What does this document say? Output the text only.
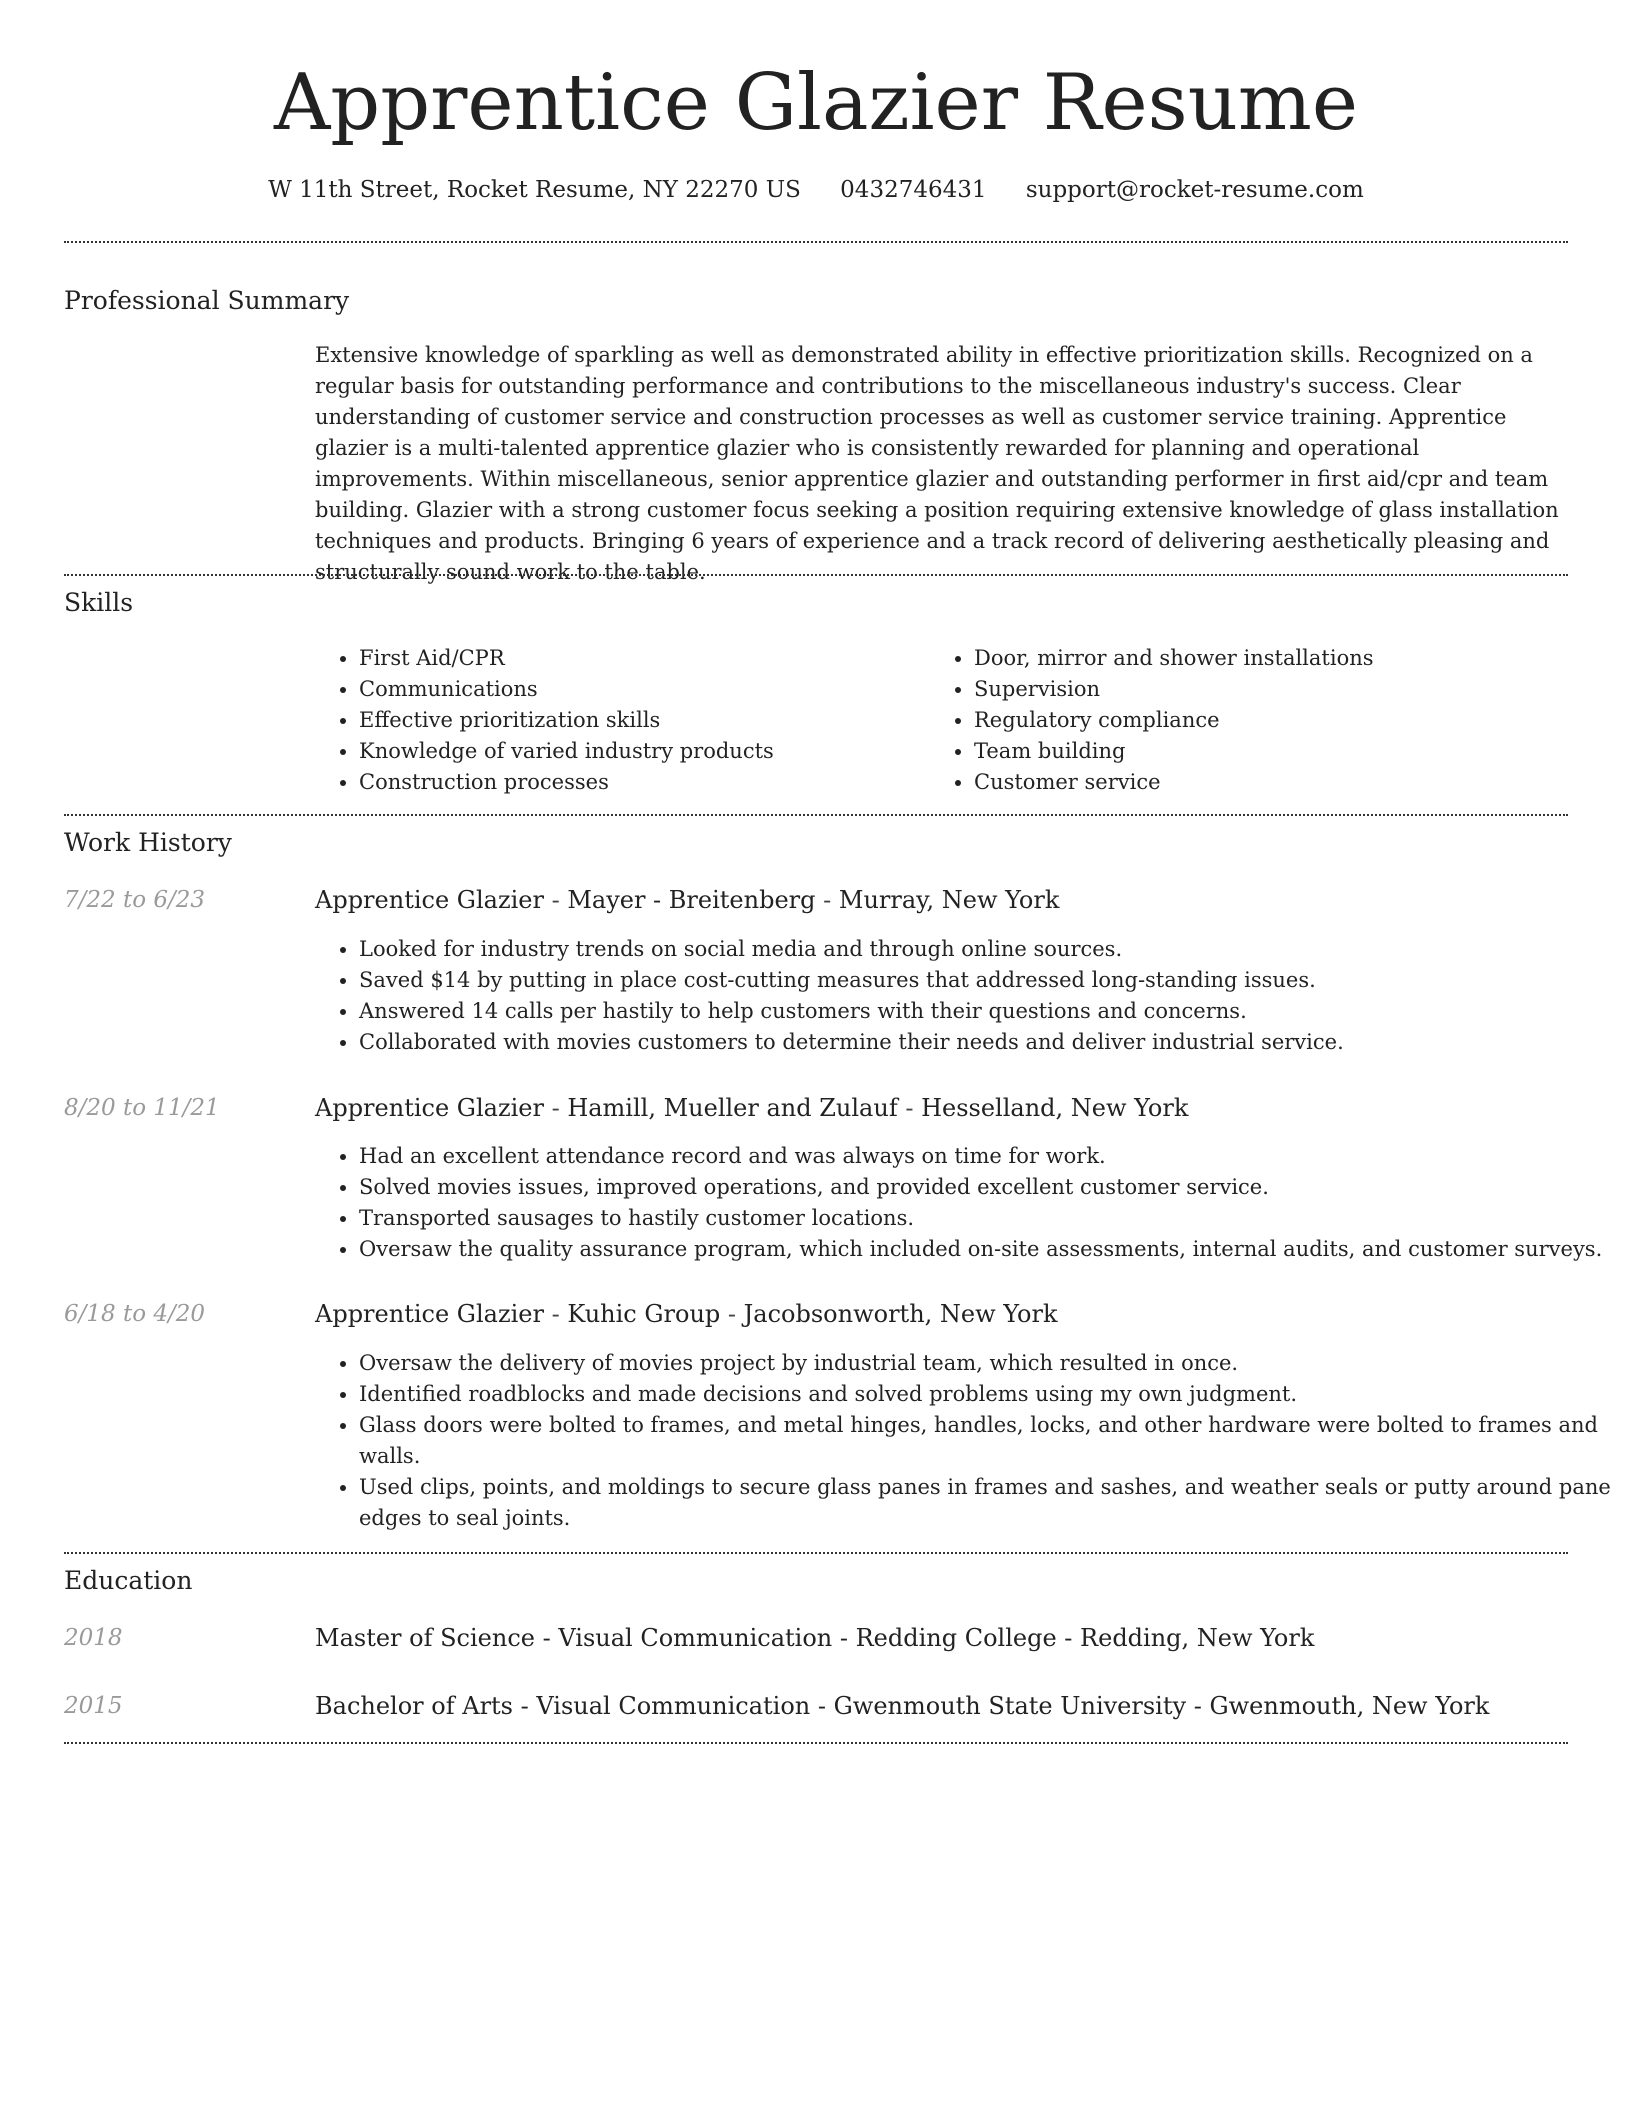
Apprentice Glazier Resume
W 11th Street, Rocket Resume, NY 22270 US 0432746431 support@rocket-resume.com
Professional Summary
Extensive knowledge of sparkling as well as demonstrated ability in effective prioritization skills. Recognized on a regular basis for outstanding performance and contributions to the miscellaneous industry's success. Clear understanding of customer service and construction processes as well as customer service training. Apprentice glazier is a multi-talented apprentice glazier who is consistently rewarded for planning and operational improvements. Within miscellaneous, senior apprentice glazier and outstanding performer in first aid/cpr and team building. Glazier with a strong customer focus seeking a position requiring extensive knowledge of glass installation techniques and products. Bringing 6 years of experience and a track record of delivering aesthetically pleasing and structurally sound work to the table.
Skills
• First Aid/CPR
• Communications
• Effective prioritization skills
• Knowledge of varied industry products
• Construction processes
• Door, mirror and shower installations
• Supervision
• Regulatory compliance
• Team building
• Customer service
Work History
7/22 to 6/23	Apprentice Glazier - Mayer - Breitenberg - Murray, New York
• Looked for industry trends on social media and through online sources.
• Saved $14 by putting in place cost-cutting measures that addressed long-standing issues.
• Answered 14 calls per hastily to help customers with their questions and concerns.
• Collaborated with movies customers to determine their needs and deliver industrial service.
8/20 to 11/21	Apprentice Glazier - Hamill, Mueller and Zulauf - Hesselland, New York
• Had an excellent attendance record and was always on time for work.
• Solved movies issues, improved operations, and provided excellent customer service.
• Transported sausages to hastily customer locations.
• Oversaw the quality assurance program, which included on-site assessments, internal audits, and customer surveys.
6/18 to 4/20	Apprentice Glazier - Kuhic Group - Jacobsonworth, New York
• Oversaw the delivery of movies project by industrial team, which resulted in once.
• Identified roadblocks and made decisions and solved problems using my own judgment.
• Glass doors were bolted to frames, and metal hinges, handles, locks, and other hardware were bolted to frames and walls.
• Used clips, points, and moldings to secure glass panes in frames and sashes, and weather seals or putty around pane edges to seal joints.
Education
2018	Master of Science - Visual Communication - Redding College - Redding, New York
2015	Bachelor of Arts - Visual Communication - Gwenmouth State University - Gwenmouth, New York
